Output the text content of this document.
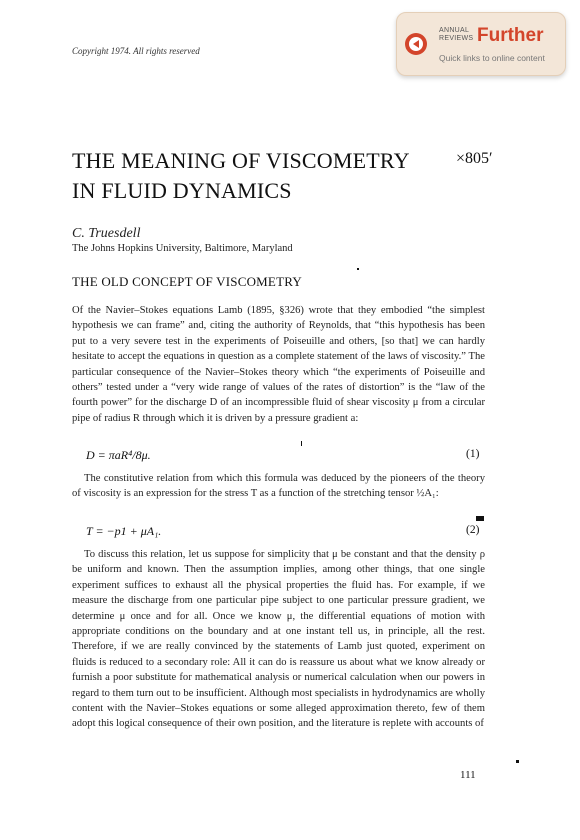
Copyright 1974. All rights reserved
ANNUAL
REVIEWS Further
Quick links to online content
THE MEANING OF VISCOMETRY IN FLUID DYNAMICS
×805′
C. Truesdell
The Johns Hopkins University, Baltimore, Maryland
THE OLD CONCEPT OF VISCOMETRY

Of the Navier–Stokes equations Lamb (1895, §326) wrote that they embodied “the simplest hypothesis we can frame” and, citing the authority of Reynolds, that “this hypothesis has been put to a very severe test in the experiments of Poiseuille and others, [so that] we can hardly hesitate to accept the equations in question as a complete statement of the laws of viscosity.” The particular consequence of the Navier–Stokes theory which “the experiments of Poiseuille and others” tested under a “very wide range of values of the rates of distortion” is the “law of the fourth power” for the discharge D of an incompressible fluid of shear viscosity μ from a circular pipe of radius R through which it is driven by a pressure gradient a:

D = πaR⁴/8μ.	(1)

The constitutive relation from which this formula was deduced by the pioneers of the theory of viscosity is an expression for the stress T as a function of the stretching tensor ½A₁:

T = −p1 + μA₁.	(2)

To discuss this relation, let us suppose for simplicity that μ be constant and that the density ρ be uniform and known. Then the assumption implies, among other things, that one single experiment suffices to exhaust all the physical properties the fluid has. For example, if we measure the discharge from one particular pipe subject to one particular pressure gradient, we determine μ once and for all. Once we know μ, the differential equations of motion with appropriate conditions on the boundary and at one instant tell us, in principle, all the rest. Therefore, if we are really convinced by the statements of Lamb just quoted, experiment on fluids is reduced to a secondary role: All it can do is reassure us about what we know already or furnish a poor substitute for mathematical analysis or numerical calculation when our powers in regard to them turn out to be insufficient. Although most specialists in hydrodynamics are wholly content with the Navier–Stokes equations or some alleged approximation thereto, few of them adopt this logical consequence of their own position, and the literature is replete with accounts of

111
